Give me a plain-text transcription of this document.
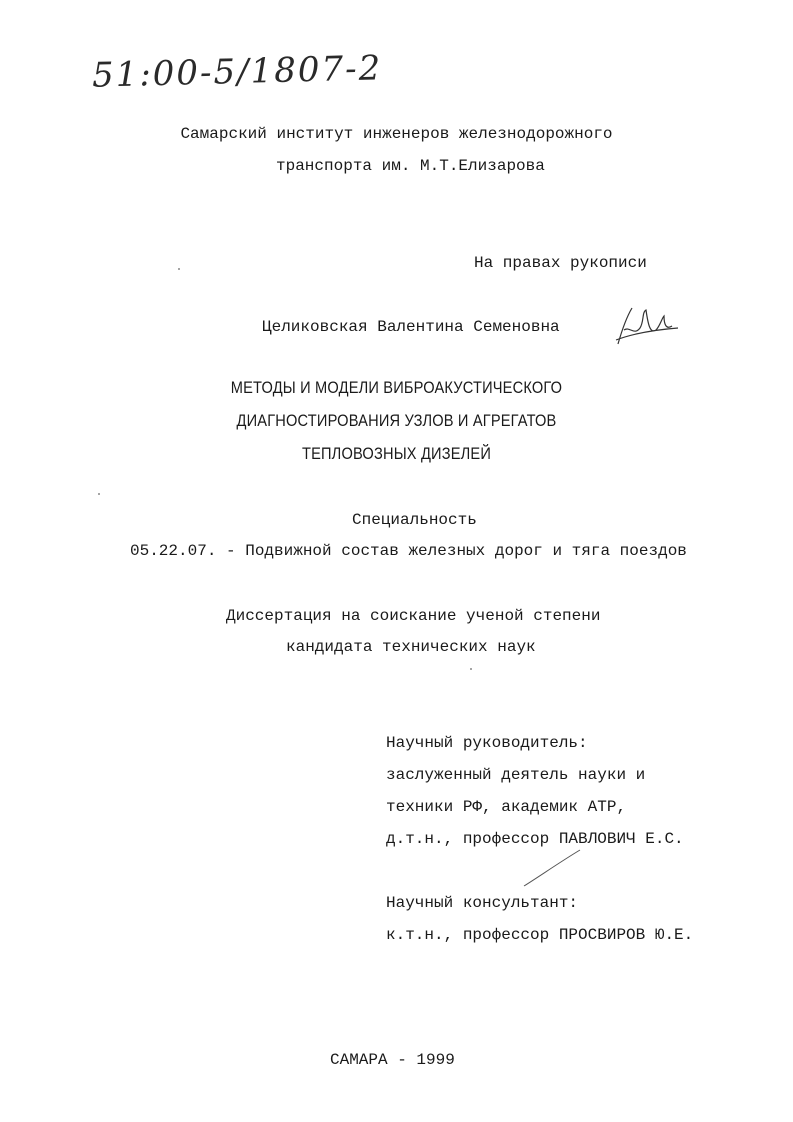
51:00-5/1807-2
Самарский институт инженеров железнодорожного
транспорта им. М.Т.Елизарова
На правах рукописи
Целиковская Валентина Семеновна
МЕТОДЫ И МОДЕЛИ ВИБРОАКУСТИЧЕСКОГО
ДИАГНОСТИРОВАНИЯ УЗЛОВ И АГРЕГАТОВ
ТЕПЛОВОЗНЫХ ДИЗЕЛЕЙ
Специальность
05.22.07. - Подвижной состав железных дорог и тяга поездов
Диссертация на соискание ученой степени
кандидата технических наук
Научный руководитель:
заслуженный деятель науки и
техники РФ, академик АТР,
д.т.н., профессор ПАВЛОВИЧ Е.С.
Научный консультант:
к.т.н., профессор ПРОСВИРОВ Ю.Е.
САМАРА - 1999
